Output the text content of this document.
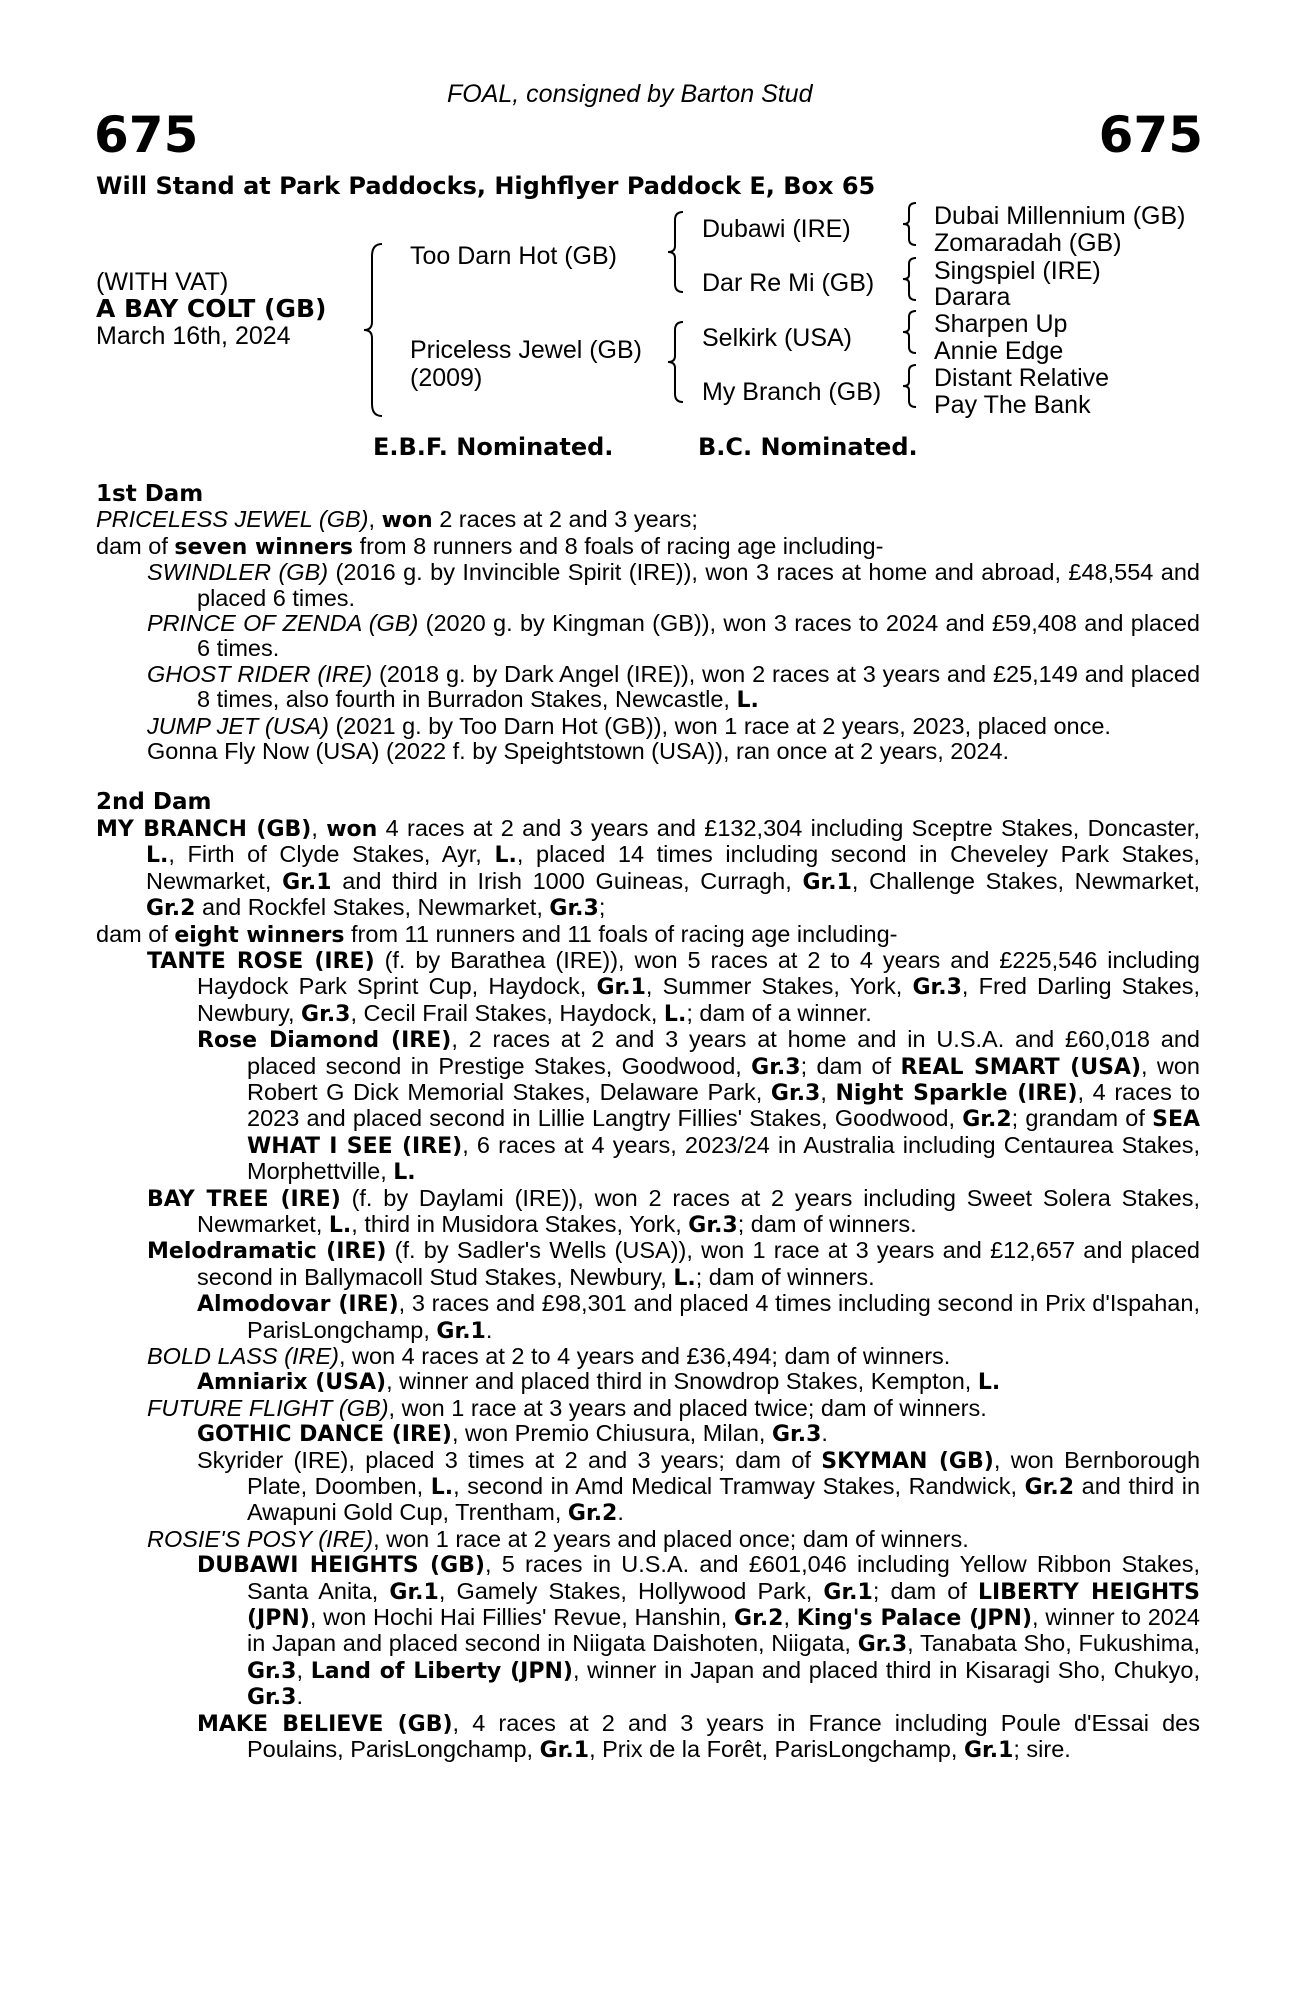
FOAL, consigned by Barton Stud
675	675
Will Stand at Park Paddocks, Highflyer Paddock E, Box 65
(WITH VAT)
A BAY COLT (GB)
March 16th, 2024
Too Darn Hot (GB)
Priceless Jewel (GB)
(2009)
Dubawi (IRE)
Dar Re Mi (GB)
Selkirk (USA)
My Branch (GB)
Dubai Millennium (GB)
Zomaradah (GB)
Singspiel (IRE)
Darara
Sharpen Up
Annie Edge
Distant Relative
Pay The Bank
E.B.F. Nominated.	B.C. Nominated.
1st Dam
PRICELESS JEWEL (GB), won 2 races at 2 and 3 years;
dam of seven winners from 8 runners and 8 foals of racing age including-
SWINDLER (GB) (2016 g. by Invincible Spirit (IRE)), won 3 races at home and abroad, £48,554 and placed 6 times.
PRINCE OF ZENDA (GB) (2020 g. by Kingman (GB)), won 3 races to 2024 and £59,408 and placed 6 times.
GHOST RIDER (IRE) (2018 g. by Dark Angel (IRE)), won 2 races at 3 years and £25,149 and placed 8 times, also fourth in Burradon Stakes, Newcastle, L.
JUMP JET (USA) (2021 g. by Too Darn Hot (GB)), won 1 race at 2 years, 2023, placed once.
Gonna Fly Now (USA) (2022 f. by Speightstown (USA)), ran once at 2 years, 2024.
2nd Dam
MY BRANCH (GB), won 4 races at 2 and 3 years and £132,304 including Sceptre Stakes, Doncaster, L., Firth of Clyde Stakes, Ayr, L., placed 14 times including second in Cheveley Park Stakes, Newmarket, Gr.1 and third in Irish 1000 Guineas, Curragh, Gr.1, Challenge Stakes, Newmarket, Gr.2 and Rockfel Stakes, Newmarket, Gr.3;
dam of eight winners from 11 runners and 11 foals of racing age including-
TANTE ROSE (IRE) (f. by Barathea (IRE)), won 5 races at 2 to 4 years and £225,546 including Haydock Park Sprint Cup, Haydock, Gr.1, Summer Stakes, York, Gr.3, Fred Darling Stakes, Newbury, Gr.3, Cecil Frail Stakes, Haydock, L.; dam of a winner.
Rose Diamond (IRE), 2 races at 2 and 3 years at home and in U.S.A. and £60,018 and placed second in Prestige Stakes, Goodwood, Gr.3; dam of REAL SMART (USA), won Robert G Dick Memorial Stakes, Delaware Park, Gr.3, Night Sparkle (IRE), 4 races to 2023 and placed second in Lillie Langtry Fillies' Stakes, Goodwood, Gr.2; grandam of SEA WHAT I SEE (IRE), 6 races at 4 years, 2023/24 in Australia including Centaurea Stakes, Morphettville, L.
BAY TREE (IRE) (f. by Daylami (IRE)), won 2 races at 2 years including Sweet Solera Stakes, Newmarket, L., third in Musidora Stakes, York, Gr.3; dam of winners.
Melodramatic (IRE) (f. by Sadler's Wells (USA)), won 1 race at 3 years and £12,657 and placed second in Ballymacoll Stud Stakes, Newbury, L.; dam of winners.
Almodovar (IRE), 3 races and £98,301 and placed 4 times including second in Prix d'Ispahan, ParisLongchamp, Gr.1.
BOLD LASS (IRE), won 4 races at 2 to 4 years and £36,494; dam of winners.
Amniarix (USA), winner and placed third in Snowdrop Stakes, Kempton, L.
FUTURE FLIGHT (GB), won 1 race at 3 years and placed twice; dam of winners.
GOTHIC DANCE (IRE), won Premio Chiusura, Milan, Gr.3.
Skyrider (IRE), placed 3 times at 2 and 3 years; dam of SKYMAN (GB), won Bernborough Plate, Doomben, L., second in Amd Medical Tramway Stakes, Randwick, Gr.2 and third in Awapuni Gold Cup, Trentham, Gr.2.
ROSIE'S POSY (IRE), won 1 race at 2 years and placed once; dam of winners.
DUBAWI HEIGHTS (GB), 5 races in U.S.A. and £601,046 including Yellow Ribbon Stakes, Santa Anita, Gr.1, Gamely Stakes, Hollywood Park, Gr.1; dam of LIBERTY HEIGHTS (JPN), won Hochi Hai Fillies' Revue, Hanshin, Gr.2, King's Palace (JPN), winner to 2024 in Japan and placed second in Niigata Daishoten, Niigata, Gr.3, Tanabata Sho, Fukushima, Gr.3, Land of Liberty (JPN), winner in Japan and placed third in Kisaragi Sho, Chukyo, Gr.3.
MAKE BELIEVE (GB), 4 races at 2 and 3 years in France including Poule d'Essai des Poulains, ParisLongchamp, Gr.1, Prix de la Forêt, ParisLongchamp, Gr.1; sire.
